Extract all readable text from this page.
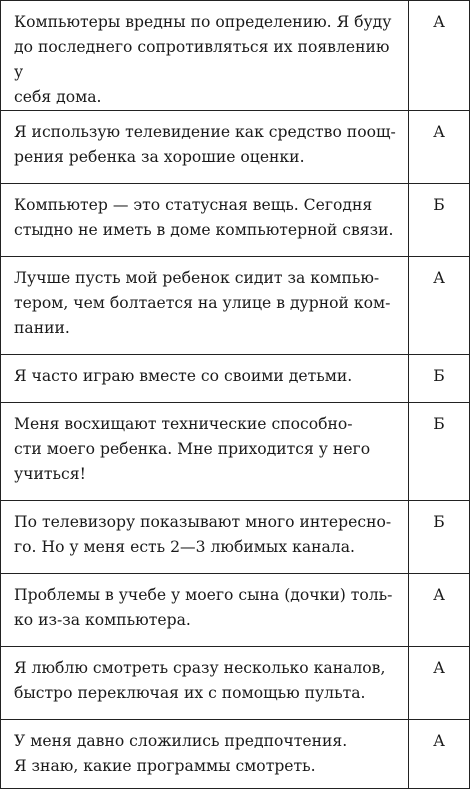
Компьютеры вредны по определению. Я буду
до последнего сопротивляться их появлению у
себя дома.	А

Я использую телевидение как средство поощ-
рения ребенка за хорошие оценки.	А

Компьютер — это статусная вещь. Сегодня
стыдно не иметь в доме компьютерной связи.	Б

Лучше пусть мой ребенок сидит за компью-
тером, чем болтается на улице в дурной ком-
пании.	А

Я часто играю вместе со своими детьми.	Б

Меня восхищают технические способно-
сти моего ребенка. Мне приходится у него
учиться!	Б

По телевизору показывают много интересно-
го. Но у меня есть 2—3 любимых канала.	Б

Проблемы в учебе у моего сына (дочки) толь-
ко из-за компьютера.	А

Я люблю смотреть сразу несколько каналов,
быстро переключая их с помощью пульта.	А

У меня давно сложились предпочтения.
Я знаю, какие программы смотреть.	А
